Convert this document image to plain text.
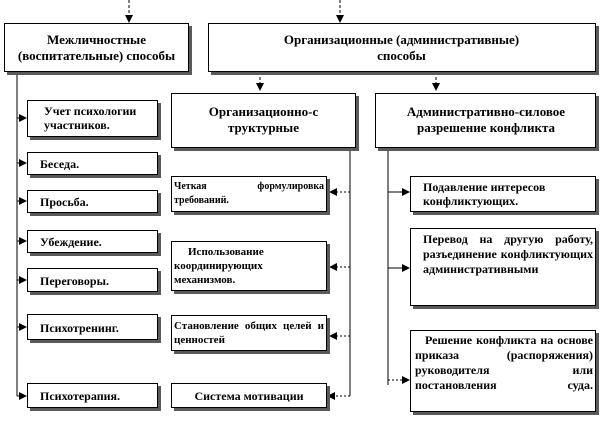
Межличностные (воспитательные) способы
Организационные (административные) способы
Организационно-структурные
Административно-силовое разрешение конфликта
Учет психологии участников.
Беседа.
Просьба.
Убеждение.
Переговоры.
Психотренинг.
Психотерапия.
Четкая формулировка требований.
Использование координирующих механизмов.
Становление общих целей и ценностей
Система мотивации
Подавление интересов конфликтующих.
Перевод на другую работу, разъединение конфликтующих административными
Решение конфликта на основе приказа (распоряжения) руководителя или постановления суда.
